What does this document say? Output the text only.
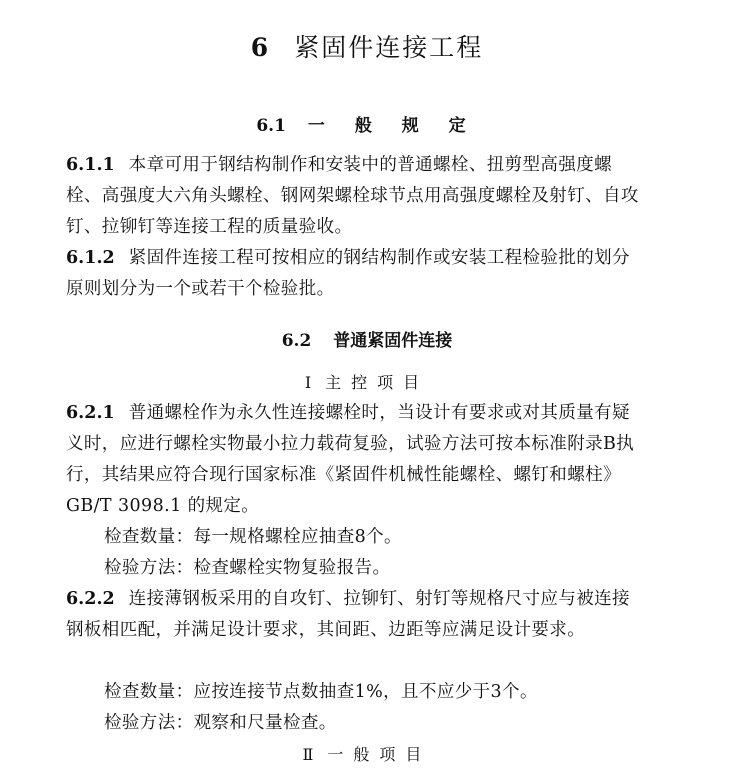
6 紧固件连接工程
6.1 一 般 规 定
6.1.1 本章可用于钢结构制作和安装中的普通螺栓、扭剪型高强度螺栓、高强度大六角头螺栓、钢网架螺栓球节点用高强度螺栓及射钉、自攻钉、拉铆钉等连接工程的质量验收。
6.1.2 紧固件连接工程可按相应的钢结构制作或安装工程检验批的划分原则划分为一个或若干个检验批。
6.2 普通紧固件连接
Ⅰ 主控项目
6.2.1 普通螺栓作为永久性连接螺栓时，当设计有要求或对其质量有疑义时，应进行螺栓实物最小拉力载荷复验，试验方法可按本标准附录B执行，其结果应符合现行国家标准《紧固件机械性能螺栓、螺钉和螺柱》GB/T 3098.1 的规定。
检查数量：每一规格螺栓应抽查8个。
检验方法：检查螺栓实物复验报告。
6.2.2 连接薄钢板采用的自攻钉、拉铆钉、射钉等规格尺寸应与被连接钢板相匹配，并满足设计要求，其间距、边距等应满足设计要求。
检查数量：应按连接节点数抽查1%，且不应少于3个。
检验方法：观察和尺量检查。
Ⅱ 一般项目
